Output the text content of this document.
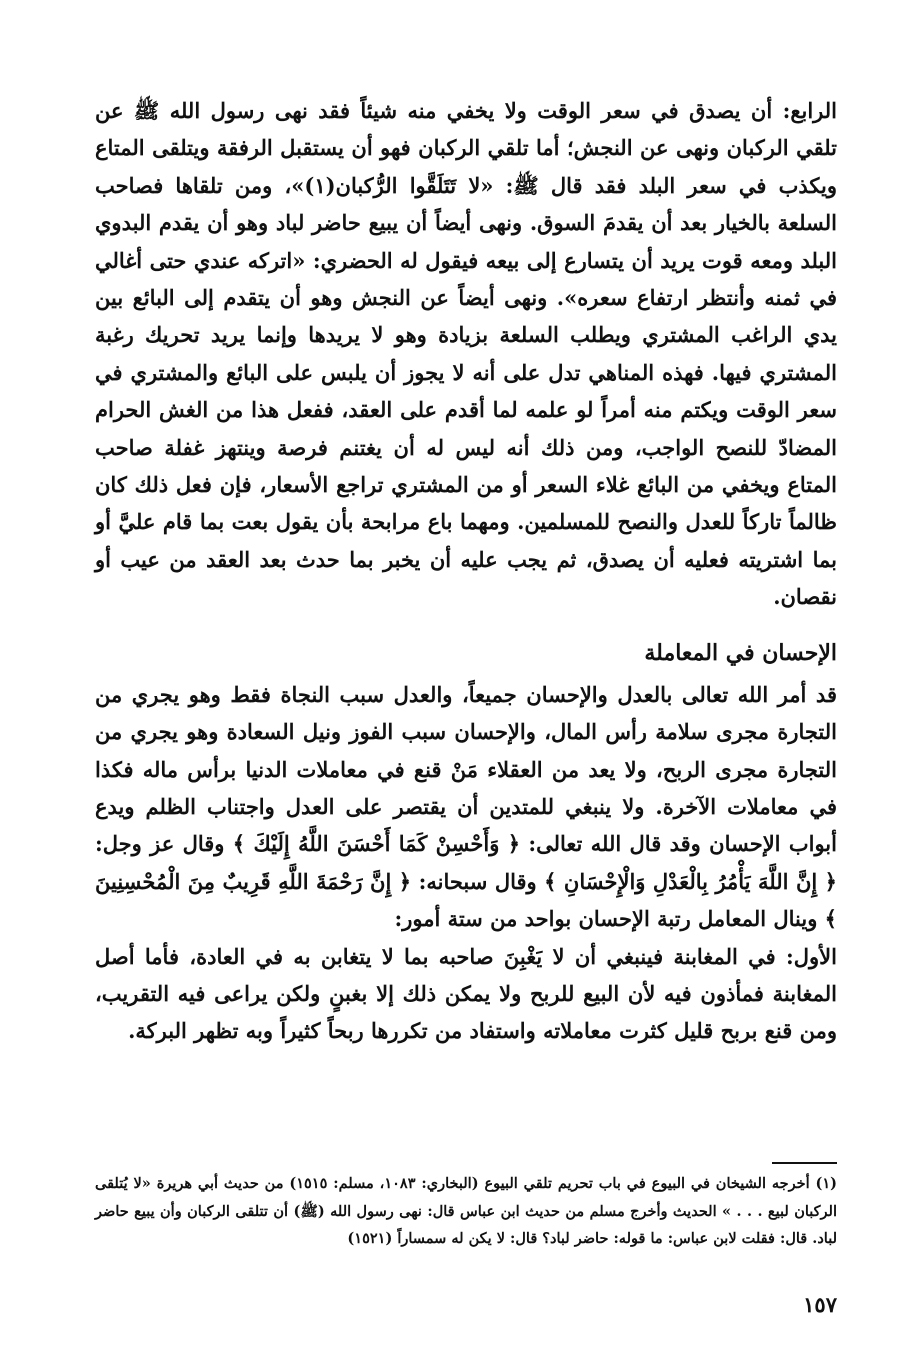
الرابع: أن يصدق في سعر الوقت ولا يخفي منه شيئاً فقد نهى رسول الله ﷺ عن تلقي الركبان ونهى عن النجش؛ أما تلقي الركبان فهو أن يستقبل الرفقة ويتلقى المتاع ويكذب في سعر البلد فقد قال ﷺ: «لا تَتَلَقَّوا الرُّكبان(١)»، ومن تلقاها فصاحب السلعة بالخيار بعد أن يقدمَ السوق. ونهى أيضاً أن يبيع حاضر لباد وهو أن يقدم البدوي البلد ومعه قوت يريد أن يتسارع إلى بيعه فيقول له الحضري: «اتركه عندي حتى أغالي في ثمنه وأنتظر ارتفاع سعره». ونهى أيضاً عن النجش وهو أن يتقدم إلى البائع بين يدي الراغب المشتري ويطلب السلعة بزيادة وهو لا يريدها وإنما يريد تحريك رغبة المشتري فيها. فهذه المناهي تدل على أنه لا يجوز أن يلبس على البائع والمشتري في سعر الوقت ويكتم منه أمراً لو علمه لما أقدم على العقد، ففعل هذا من الغش الحرام المضادّ للنصح الواجب، ومن ذلك أنه ليس له أن يغتنم فرصة وينتهز غفلة صاحب المتاع ويخفي من البائع غلاء السعر أو من المشتري تراجع الأسعار، فإن فعل ذلك كان ظالماً تاركاً للعدل والنصح للمسلمين. ومهما باع مرابحة بأن يقول بعت بما قام عليَّ أو بما اشتريته فعليه أن يصدق، ثم يجب عليه أن يخبر بما حدث بعد العقد من عيب أو نقصان.

الإحسان في المعاملة

قد أمر الله تعالى بالعدل والإحسان جميعاً، والعدل سبب النجاة فقط وهو يجري من التجارة مجرى سلامة رأس المال، والإحسان سبب الفوز ونيل السعادة وهو يجري من التجارة مجرى الربح، ولا يعد من العقلاء مَنْ قنع في معاملات الدنيا برأس ماله فكذا في معاملات الآخرة. ولا ينبغي للمتدين أن يقتصر على العدل واجتناب الظلم ويدع أبواب الإحسان وقد قال الله تعالى: ﴿ وَأَحْسِنْ كَمَا أَحْسَنَ اللَّهُ إِلَيْكَ ﴾ وقال عز وجل: ﴿ إِنَّ اللَّهَ يَأْمُرُ بِالْعَدْلِ وَالْإِحْسَانِ ﴾ وقال سبحانه: ﴿ إِنَّ رَحْمَةَ اللَّهِ قَرِيبٌ مِنَ الْمُحْسِنِينَ ﴾ وينال المعامل رتبة الإحسان بواحد من ستة أمور:

الأول: في المغابنة فينبغي أن لا يَغْبِنَ صاحبه بما لا يتغابن به في العادة، فأما أصل المغابنة فمأذون فيه لأن البيع للربح ولا يمكن ذلك إلا بغبنٍ ولكن يراعى فيه التقريب، ومن قنع بربح قليل كثرت معاملاته واستفاد من تكررها ربحاً كثيراً وبه تظهر البركة.

(١) أخرجه الشيخان في البيوع في باب تحريم تلقي البيوع (البخاري: ١٠٨٣، مسلم: ١٥١٥) من حديث أبي هريرة «لا يُتلقى الركبان لبيع . . . » الحديث وأخرج مسلم من حديث ابن عباس قال: نهى رسول الله (ﷺ) أن تتلقى الركبان وأن يبيع حاضر لباد. قال: فقلت لابن عباس: ما قوله: حاضر لباد؟ قال: لا يكن له سمساراً (١٥٢١)

١٥٧
